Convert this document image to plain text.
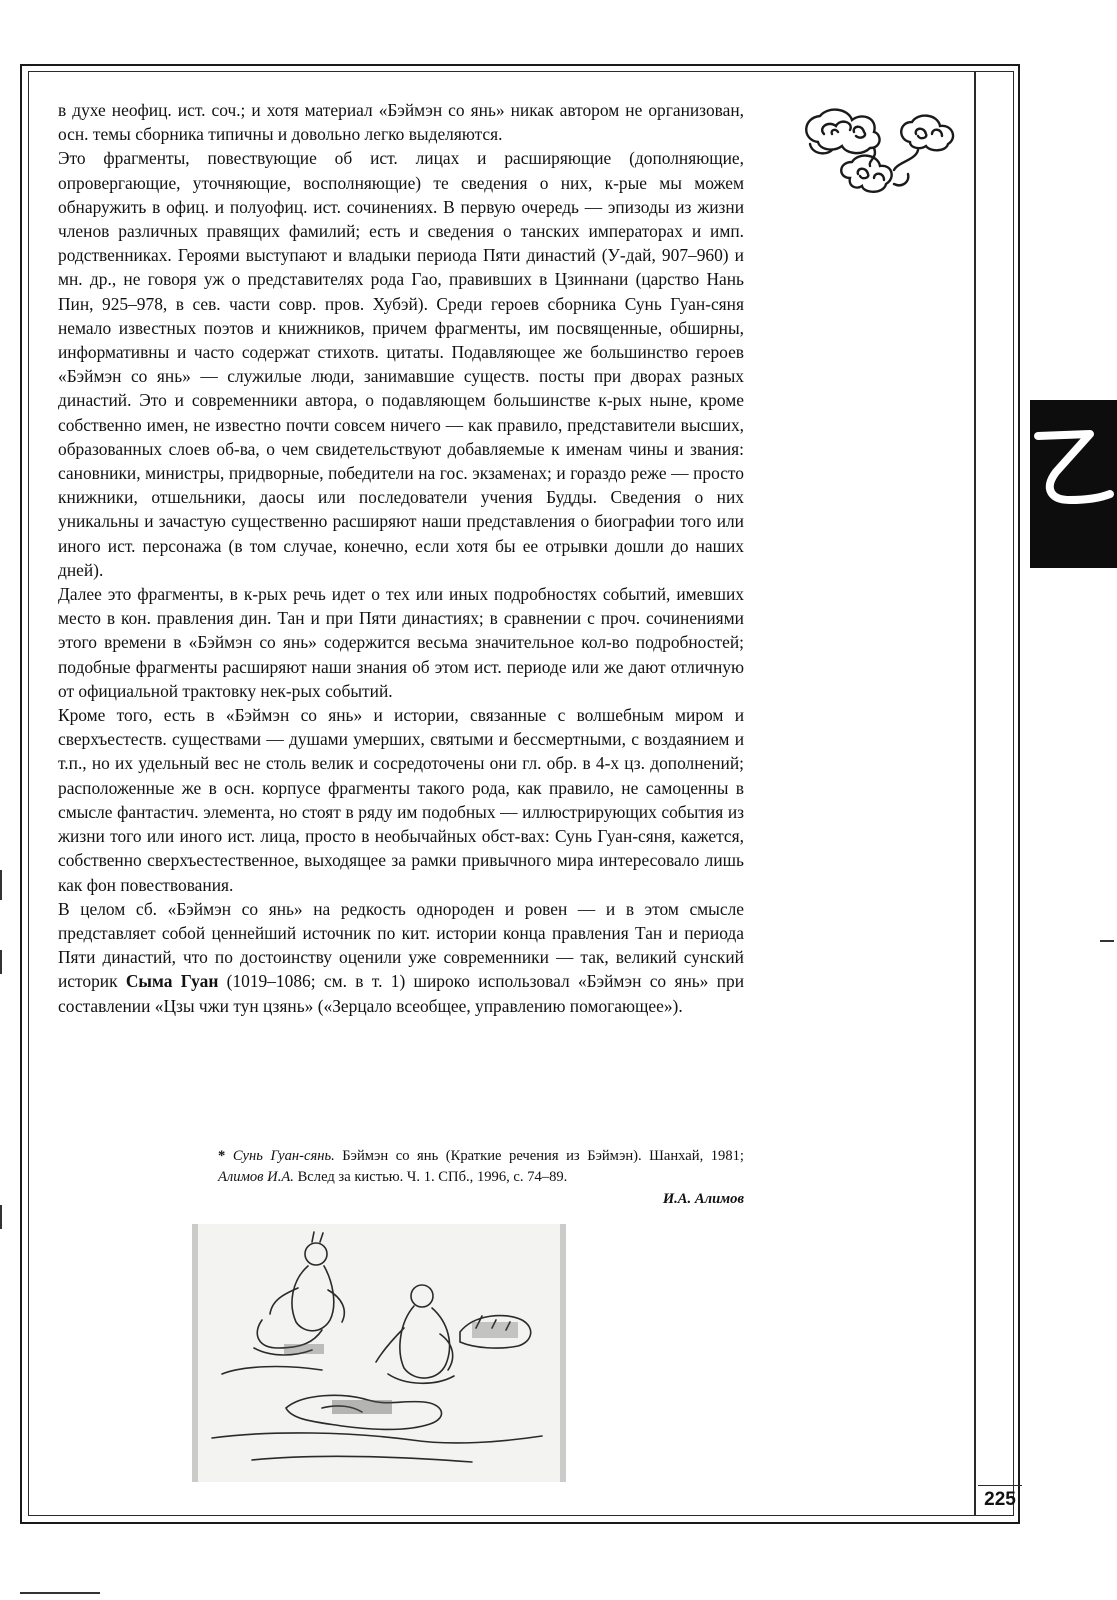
в духе неофиц. ист. соч.; и хотя материал «Бэймэн со янь» никак автором не организован, осн. темы сборника типичны и довольно легко выделяются.

Это фрагменты, повествующие об ист. лицах и расширяющие (дополняющие, опровергающие, уточняющие, восполняющие) те сведения о них, к-рые мы можем обнаружить в офиц. и полуофиц. ист. сочинениях. В первую очередь — эпизоды из жизни членов различных правящих фамилий; есть и сведения о танских императорах и имп. родственниках. Героями выступают и владыки периода Пяти династий (У-дай, 907–960) и мн. др., не говоря уж о представителях рода Гао, правивших в Цзиннани (царство Нань Пин, 925–978, в сев. части совр. пров. Хубэй). Среди героев сборника Сунь Гуан-сяня немало известных поэтов и книжников, причем фрагменты, им посвященные, обширны, информативны и часто содержат стихотв. цитаты. Подавляющее же большинство героев «Бэймэн со янь» — служилые люди, занимавшие существ. посты при дворах разных династий. Это и современники автора, о подавляющем большинстве к-рых ныне, кроме собственно имен, не известно почти совсем ничего — как правило, представители высших, образованных слоев об-ва, о чем свидетельствуют добавляемые к именам чины и звания: сановники, министры, придворные, победители на гос. экзаменах; и гораздо реже — просто книжники, отшельники, даосы или последователи учения Будды. Сведения о них уникальны и зачастую существенно расширяют наши представления о биографии того или иного ист. персонажа (в том случае, конечно, если хотя бы ее отрывки дошли до наших дней).

Далее это фрагменты, в к-рых речь идет о тех или иных подробностях событий, имевших место в кон. правления дин. Тан и при Пяти династиях; в сравнении с проч. сочинениями этого времени в «Бэймэн со янь» содержится весьма значительное кол-во подробностей; подобные фрагменты расширяют наши знания об этом ист. периоде или же дают отличную от официальной трактовку нек-рых событий.

Кроме того, есть в «Бэймэн со янь» и истории, связанные с волшебным миром и сверхъестеств. существами — душами умерших, святыми и бессмертными, с воздаянием и т.п., но их удельный вес не столь велик и сосредоточены они гл. обр. в 4-х цз. дополнений; расположенные же в осн. корпусе фрагменты такого рода, как правило, не самоценны в смысле фантастич. элемента, но стоят в ряду им подобных — иллюстрирующих события из жизни того или иного ист. лица, просто в необычайных обст-вах: Сунь Гуан-сяня, кажется, собственно сверхъестественное, выходящее за рамки привычного мира интересовало лишь как фон повествования.

В целом сб. «Бэймэн со янь» на редкость однороден и ровен — и в этом смысле представляет собой ценнейший источник по кит. истории конца правления Тан и периода Пяти династий, что по достоинству оценили уже современники — так, великий сунский историк Сыма Гуан (1019–1086; см. в т. 1) широко использовал «Бэймэн со янь» при составлении «Цзы чжи тун цзянь» («Зерцало всеобщее, управлению помогающее»).

* Сунь Гуан-сянь. Бэймэн со янь (Краткие речения из Бэймэн). Шанхай, 1981; Алимов И.А. Вслед за кистью. Ч. 1. СПб., 1996, с. 74–89.

И.А. Алимов
225
